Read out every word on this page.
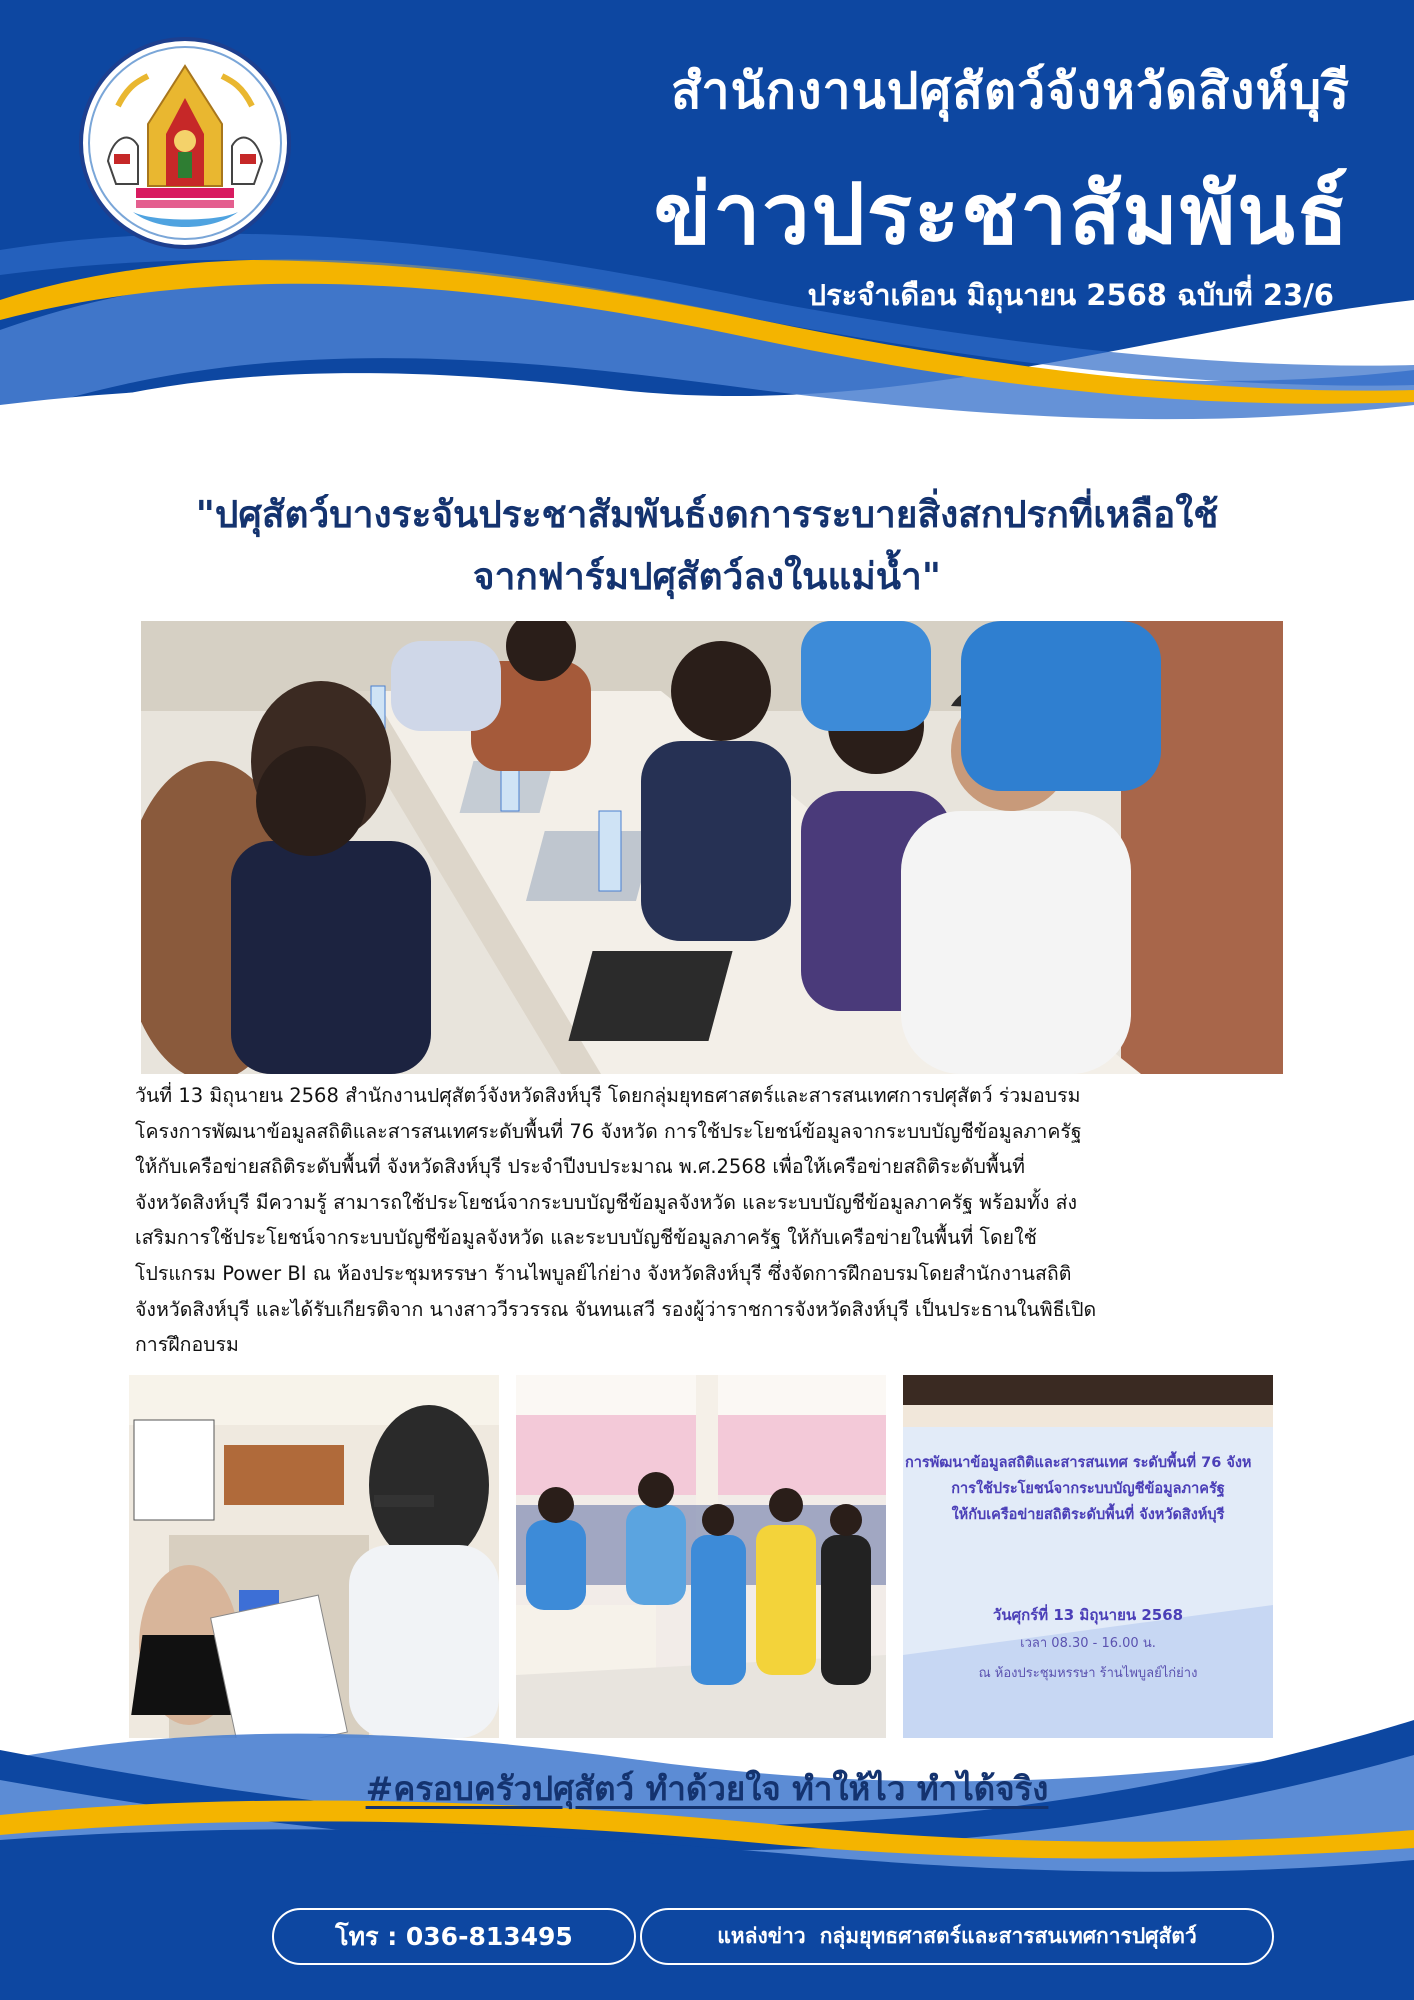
สำนักงานปศุสัตว์จังหวัดสิงห์บุรี
ข่าวประชาสัมพันธ์
ประจำเดือน มิถุนายน 2568 ฉบับที่ 23/6
"ปศุสัตว์บางระจันประชาสัมพันธ์งดการระบายสิ่งสกปรกที่เหลือใช้
จากฟาร์มปศุสัตว์ลงในแม่น้ำ"
วันที่ 13 มิถุนายน 2568 สำนักงานปศุสัตว์จังหวัดสิงห์บุรี โดยกลุ่มยุทธศาสตร์และสารสนเทศการปศุสัตว์ ร่วมอบรม
โครงการพัฒนาข้อมูลสถิติและสารสนเทศระดับพื้นที่ 76 จังหวัด การใช้ประโยชน์ข้อมูลจากระบบบัญชีข้อมูลภาครัฐ
ให้กับเครือข่ายสถิติระดับพื้นที่ จังหวัดสิงห์บุรี ประจำปีงบประมาณ พ.ศ.2568 เพื่อให้เครือข่ายสถิติระดับพื้นที่
จังหวัดสิงห์บุรี มีความรู้ สามารถใช้ประโยชน์จากระบบบัญชีข้อมูลจังหวัด และระบบบัญชีข้อมูลภาครัฐ พร้อมทั้ง ส่ง
เสริมการใช้ประโยชน์จากระบบบัญชีข้อมูลจังหวัด และระบบบัญชีข้อมูลภาครัฐ ให้กับเครือข่ายในพื้นที่ โดยใช้
โปรแกรม Power BI ณ ห้องประชุมหรรษา ร้านไพบูลย์ไก่ย่าง จังหวัดสิงห์บุรี ซึ่งจัดการฝึกอบรมโดยสำนักงานสถิติ
จังหวัดสิงห์บุรี และได้รับเกียรติจาก นางสาววีรวรรณ จันทนเสวี รองผู้ว่าราชการจังหวัดสิงห์บุรี เป็นประธานในพิธีเปิด
การฝึกอบรม
การพัฒนาข้อมูลสถิติและสารสนเทศ ระดับพื้นที่ 76 จังห
การใช้ประโยชน์จากระบบบัญชีข้อมูลภาครัฐ
ให้กับเครือข่ายสถิติระดับพื้นที่ จังหวัดสิงห์บุรี
วันศุกร์ที่ 13 มิถุนายน 2568
เวลา 08.30 - 16.00 น.
ณ ห้องประชุมหรรษา ร้านไพบูลย์ไก่ย่าง
#ครอบครัวปศุสัตว์ ทำด้วยใจ ทำให้ไว ทำได้จริง
โทร : 036-813495	แหล่งข่าว กลุ่มยุทธศาสตร์และสารสนเทศการปศุสัตว์
